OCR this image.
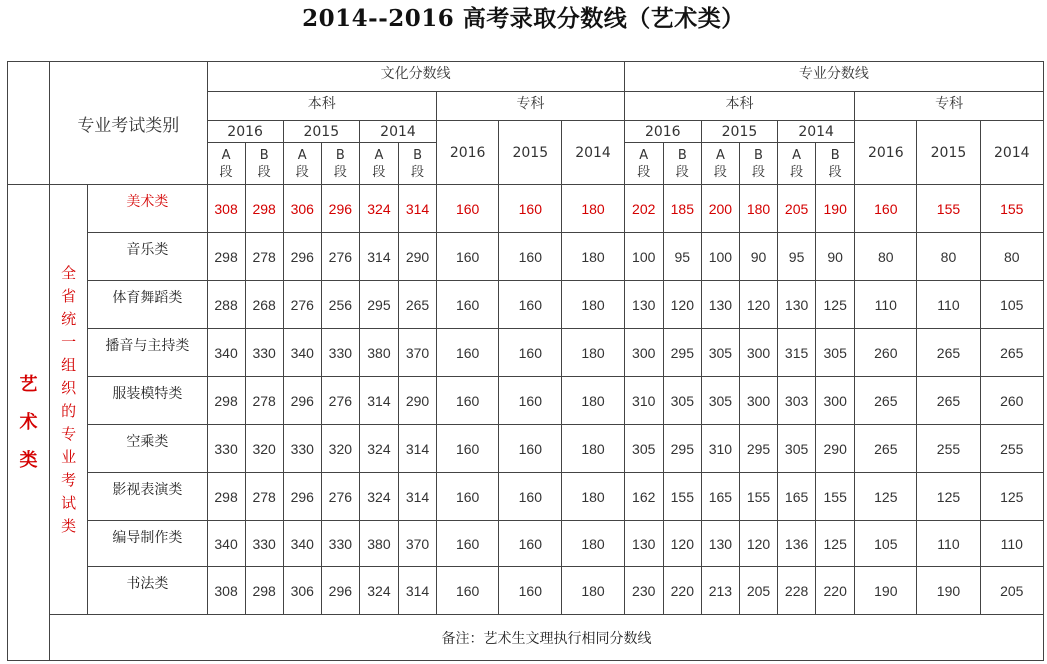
2014--2016 高考录取分数线（艺术类）
	专业考试类别		文化分数线									专业分数线								
			本科						专科			本科						专科		
			2016		2015		2014		2016	2015	2014	2016		2015		2014		2016	2015	2014
			A段	B段	A段	B段	A段	B段				A段	B段	A段	B段	A段	B段			
艺术类	全省统一组织的专业考试类	美术类	308	298	306	296	324	314	160	160	180	202	185	200	180	205	190	160	155	155
		音乐类	298	278	296	276	314	290	160	160	180	100	95	100	90	95	90	80	80	80
		体育舞蹈类	288	268	276	256	295	265	160	160	180	130	120	130	120	130	125	110	110	105
		播音与主持类	340	330	340	330	380	370	160	160	180	300	295	305	300	315	305	260	265	265
		服装模特类	298	278	296	276	314	290	160	160	180	310	305	305	300	303	300	265	265	260
		空乘类	330	320	330	320	324	314	160	160	180	305	295	310	295	305	290	265	255	255
		影视表演类	298	278	296	276	324	314	160	160	180	162	155	165	155	165	155	125	125	125
		编导制作类	340	330	340	330	380	370	160	160	180	130	120	130	120	136	125	105	110	110
		书法类	308	298	306	296	324	314	160	160	180	230	220	213	205	228	220	190	190	205
	备注：艺术生文理执行相同分数线																			
